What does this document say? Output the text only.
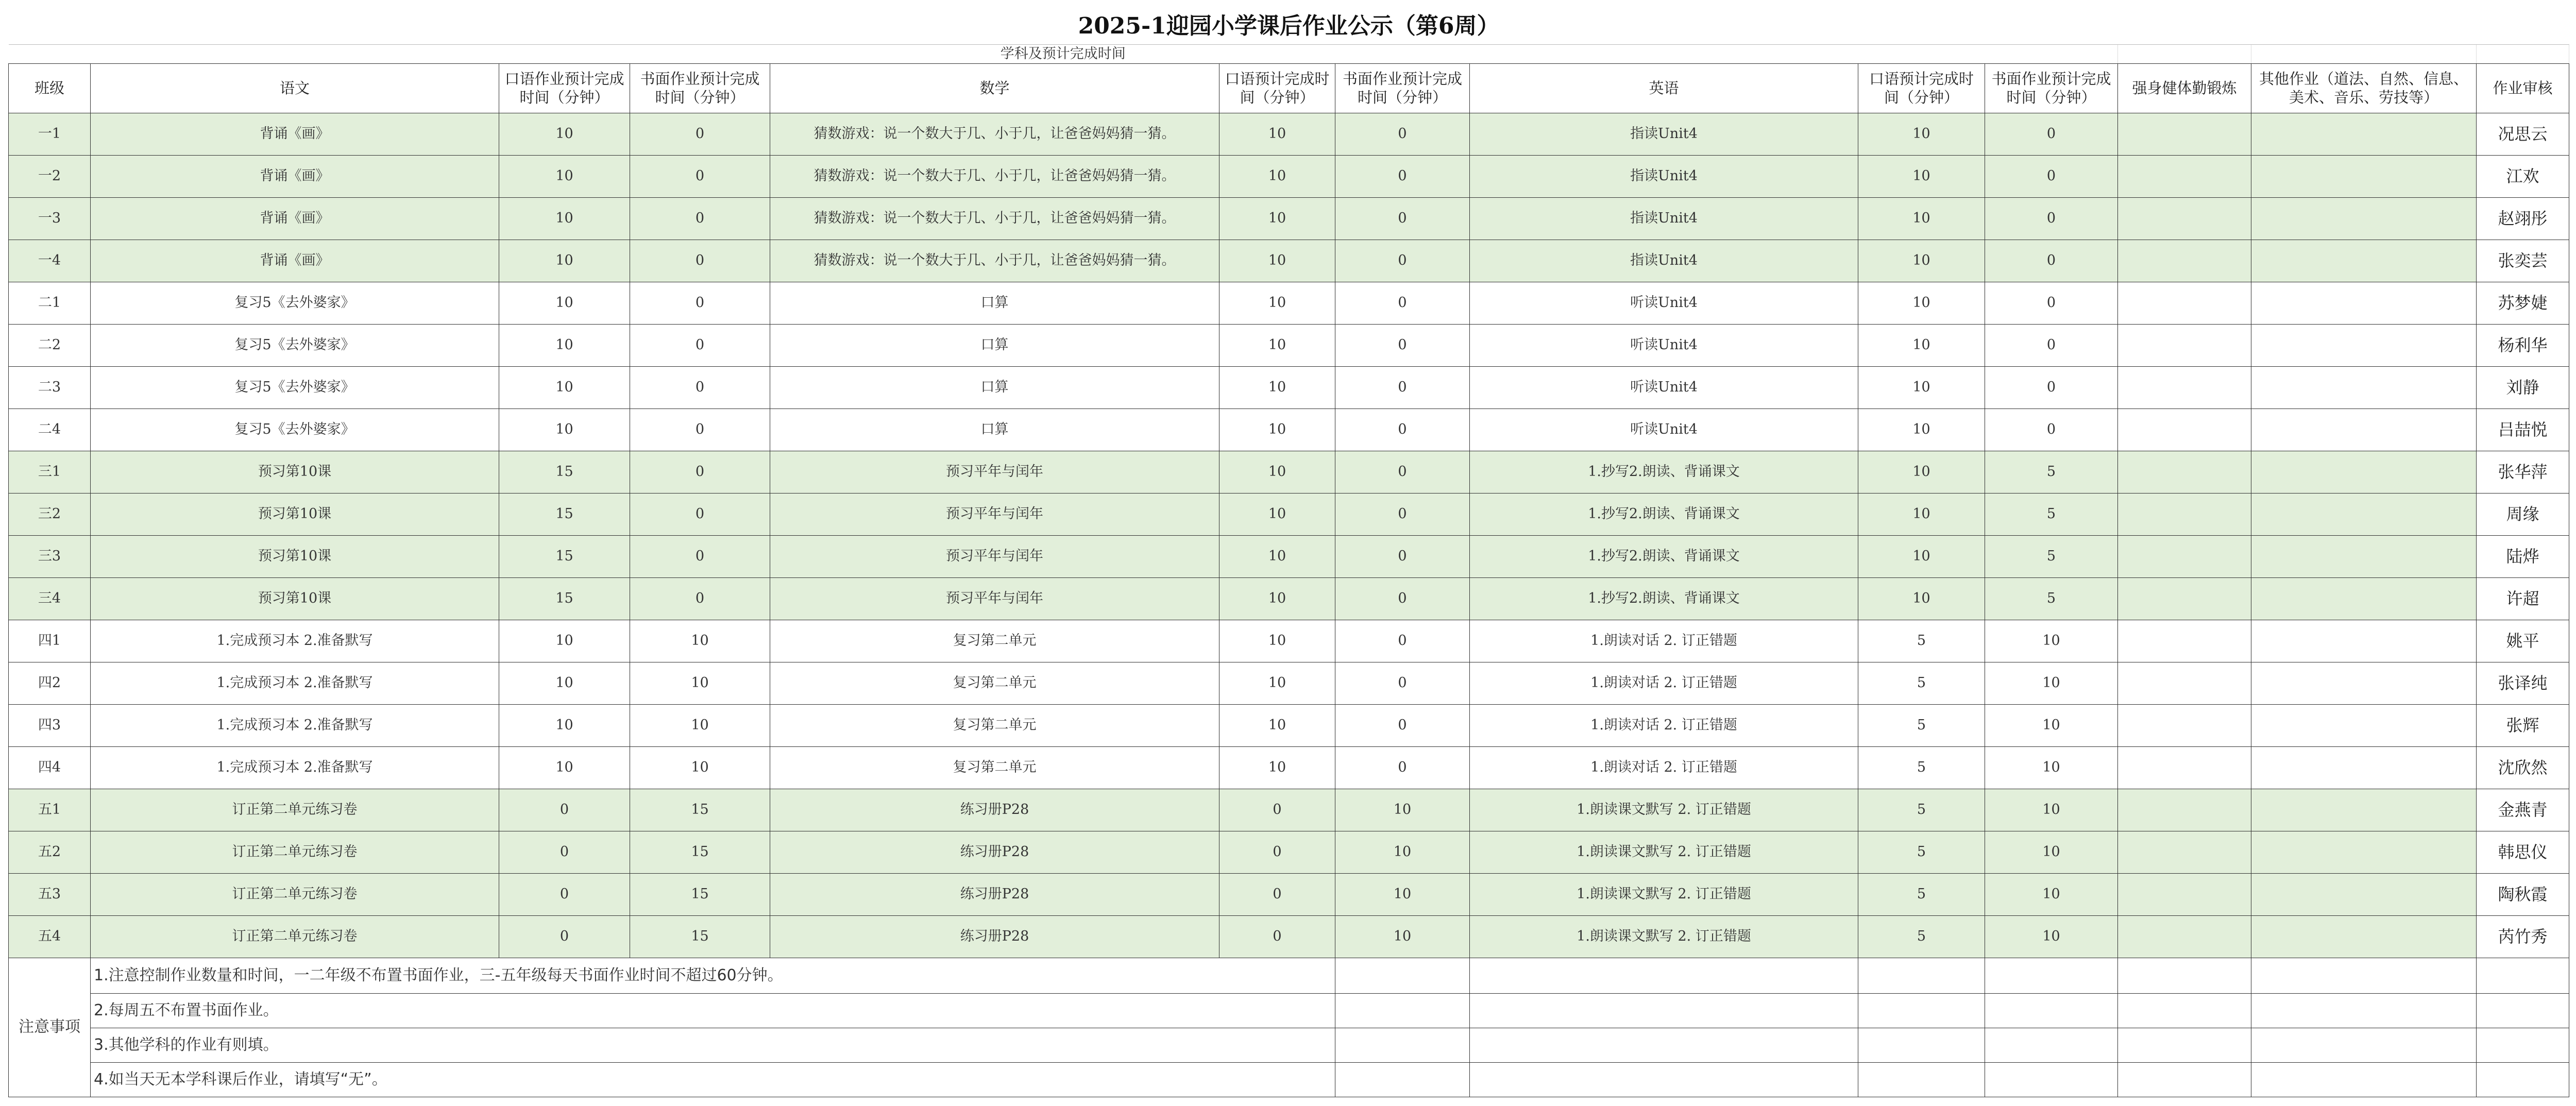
2025-1迎园小学课后作业公示（第6周）												
学科及预计完成时间												
班级	语文	口语作业预计完成时间（分钟）	书面作业预计完成时间（分钟）	数学	口语预计完成时间（分钟）	书面作业预计完成时间（分钟）	英语	口语预计完成时间（分钟）	书面作业预计完成时间（分钟）	强身健体勤锻炼	其他作业（道法、自然、信息、美术、音乐、劳技等）	作业审核
一1	背诵《画》	10	0	猜数游戏：说一个数大于几、小于几，让爸爸妈妈猜一猜。	10	0	指读Unit4	10	0			况思云
一2	背诵《画》	10	0	猜数游戏：说一个数大于几、小于几，让爸爸妈妈猜一猜。	10	0	指读Unit4	10	0			江欢
一3	背诵《画》	10	0	猜数游戏：说一个数大于几、小于几，让爸爸妈妈猜一猜。	10	0	指读Unit4	10	0			赵翊彤
一4	背诵《画》	10	0	猜数游戏：说一个数大于几、小于几，让爸爸妈妈猜一猜。	10	0	指读Unit4	10	0			张奕芸
二1	复习5《去外婆家》	10	0	口算	10	0	听读Unit4	10	0			苏梦婕
二2	复习5《去外婆家》	10	0	口算	10	0	听读Unit4	10	0			杨利华
二3	复习5《去外婆家》	10	0	口算	10	0	听读Unit4	10	0			刘静
二4	复习5《去外婆家》	10	0	口算	10	0	听读Unit4	10	0			吕喆悦
三1	预习第10课	15	0	预习平年与闰年	10	0	1.抄写2.朗读、背诵课文	10	5			张华萍
三2	预习第10课	15	0	预习平年与闰年	10	0	1.抄写2.朗读、背诵课文	10	5			周缘
三3	预习第10课	15	0	预习平年与闰年	10	0	1.抄写2.朗读、背诵课文	10	5			陆烨
三4	预习第10课	15	0	预习平年与闰年	10	0	1.抄写2.朗读、背诵课文	10	5			许超
四1	1.完成预习本 2.准备默写	10	10	复习第二单元	10	0	1.朗读对话 2. 订正错题	5	10			姚平
四2	1.完成预习本 2.准备默写	10	10	复习第二单元	10	0	1.朗读对话 2. 订正错题	5	10			张译纯
四3	1.完成预习本 2.准备默写	10	10	复习第二单元	10	0	1.朗读对话 2. 订正错题	5	10			张辉
四4	1.完成预习本 2.准备默写	10	10	复习第二单元	10	0	1.朗读对话 2. 订正错题	5	10			沈欣然
五1	订正第二单元练习卷	0	15	练习册P28	0	10	1.朗读课文默写 2. 订正错题	5	10			金燕青
五2	订正第二单元练习卷	0	15	练习册P28	0	10	1.朗读课文默写 2. 订正错题	5	10			韩思仪
五3	订正第二单元练习卷	0	15	练习册P28	0	10	1.朗读课文默写 2. 订正错题	5	10			陶秋霞
五4	订正第二单元练习卷	0	15	练习册P28	0	10	1.朗读课文默写 2. 订正错题	5	10			芮竹秀
注意事项	1.注意控制作业数量和时间，一二年级不布置书面作业，三-五年级每天书面作业时间不超过60分钟。											
	2.每周五不布置书面作业。											
	3.其他学科的作业有则填。											
	4.如当天无本学科课后作业，请填写“无”。											
